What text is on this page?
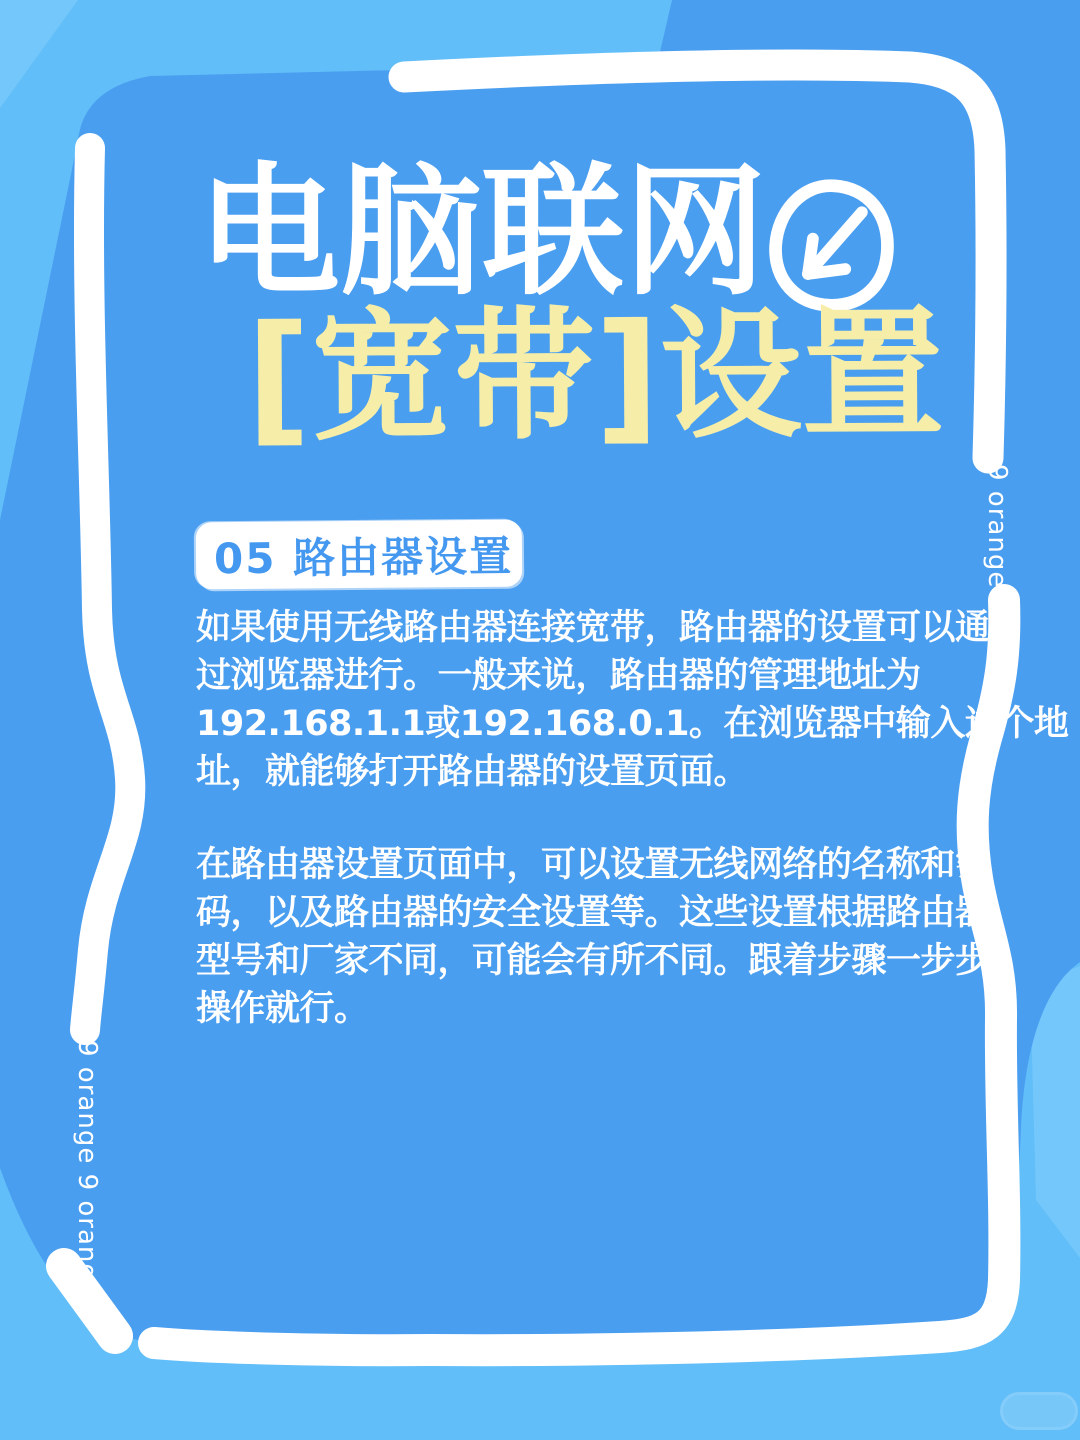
电脑联网
[宽带]设置
05 路由器设置
如果使用无线路由器连接宽带，路由器的设置可以通
过浏览器进行。一般来说，路由器的管理地址为
192.168.1.1或192.168.0.1。在浏览器中输入这个地
址，就能够打开路由器的设置页面。
在路由器设置页面中，可以设置无线网络的名称和密
码，以及路由器的安全设置等。这些设置根据路由器
型号和厂家不同，可能会有所不同。跟着步骤一步步
操作就行。
9 orange
9 orange 9 orange
